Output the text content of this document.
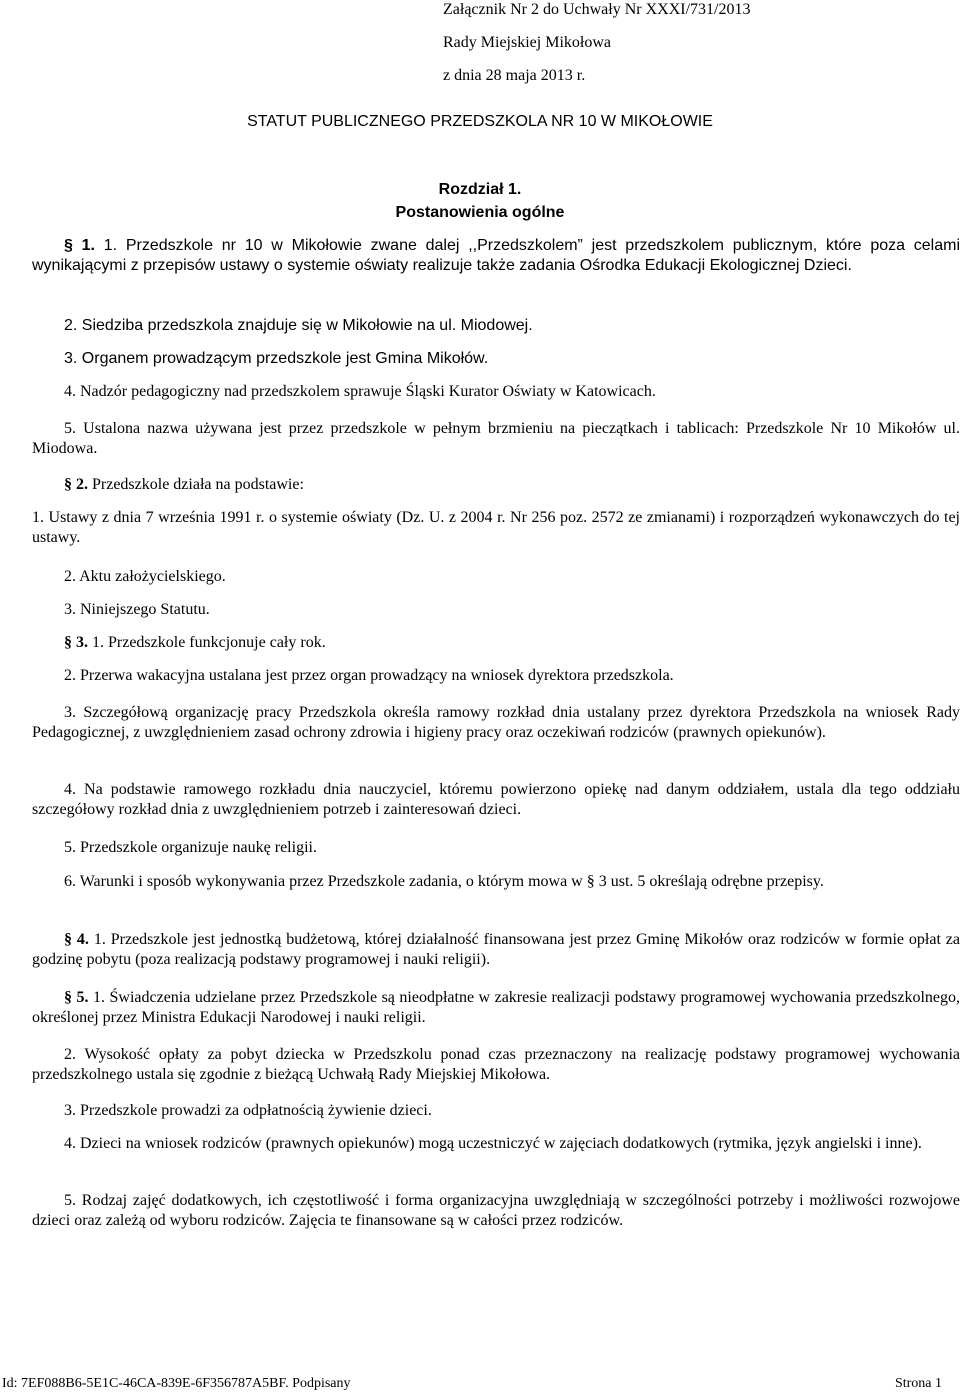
Załącznik Nr 2 do Uchwały Nr XXXI/731/2013

Rady Miejskiej Mikołowa

z dnia 28 maja 2013 r.

STATUT PUBLICZNEGO PRZEDSZKOLA NR 10 W MIKOŁOWIE
Rozdział 1.
Postanowienia ogólne

§ 1. 1. Przedszkole nr 10 w Mikołowie zwane dalej ,,Przedszkolem” jest przedszkolem publicznym, które poza celami wynikającymi z przepisów ustawy o systemie oświaty realizuje także zadania Ośrodka Edukacji Ekologicznej Dzieci.

2. Siedziba przedszkola znajduje się w Mikołowie na ul. Miodowej.

3. Organem prowadzącym przedszkole jest Gmina Mikołów.

4. Nadzór pedagogiczny nad przedszkolem sprawuje Śląski Kurator Oświaty w Katowicach.

5. Ustalona nazwa używana jest przez przedszkole w pełnym brzmieniu na pieczątkach i tablicach: Przedszkole Nr 10 Mikołów ul. Miodowa.

§ 2. Przedszkole działa na podstawie:

1. Ustawy z dnia 7 września 1991 r. o systemie oświaty (Dz. U. z 2004 r. Nr 256 poz. 2572 ze zmianami) i rozporządzeń wykonawczych do tej ustawy.

2. Aktu założycielskiego.

3. Niniejszego Statutu.

§ 3. 1. Przedszkole funkcjonuje cały rok.

2. Przerwa wakacyjna ustalana jest przez organ prowadzący na wniosek dyrektora przedszkola.

3. Szczegółową organizację pracy Przedszkola określa ramowy rozkład dnia ustalany przez dyrektora Przedszkola na wniosek Rady Pedagogicznej, z uwzględnieniem zasad ochrony zdrowia i higieny pracy oraz oczekiwań rodziców (prawnych opiekunów).

4. Na podstawie ramowego rozkładu dnia nauczyciel, któremu powierzono opiekę nad danym oddziałem, ustala dla tego oddziału szczegółowy rozkład dnia z uwzględnieniem potrzeb i zainteresowań dzieci.

5. Przedszkole organizuje naukę religii.

6. Warunki i sposób wykonywania przez Przedszkole zadania, o którym mowa w § 3 ust. 5 określają odrębne przepisy.

§ 4. 1. Przedszkole jest jednostką budżetową, której działalność finansowana jest przez Gminę Mikołów oraz rodziców w formie opłat za godzinę pobytu (poza realizacją podstawy programowej i nauki religii).

§ 5. 1. Świadczenia udzielane przez Przedszkole są nieodpłatne w zakresie realizacji podstawy programowej wychowania przedszkolnego, określonej przez Ministra Edukacji Narodowej i nauki religii.

2. Wysokość opłaty za pobyt dziecka w Przedszkolu ponad czas przeznaczony na realizację podstawy programowej wychowania przedszkolnego ustala się zgodnie z bieżącą Uchwałą Rady Miejskiej Mikołowa.

3. Przedszkole prowadzi za odpłatnością żywienie dzieci.

4. Dzieci na wniosek rodziców (prawnych opiekunów) mogą uczestniczyć w zajęciach dodatkowych (rytmika, język angielski i inne).

5. Rodzaj zajęć dodatkowych, ich częstotliwość i forma organizacyjna uwzględniają w szczególności potrzeby i możliwości rozwojowe dzieci oraz zależą od wyboru rodziców. Zajęcia te finansowane są w całości przez rodziców.

Id: 7EF088B6-5E1C-46CA-839E-6F356787A5BF. Podpisany	Strona 1
